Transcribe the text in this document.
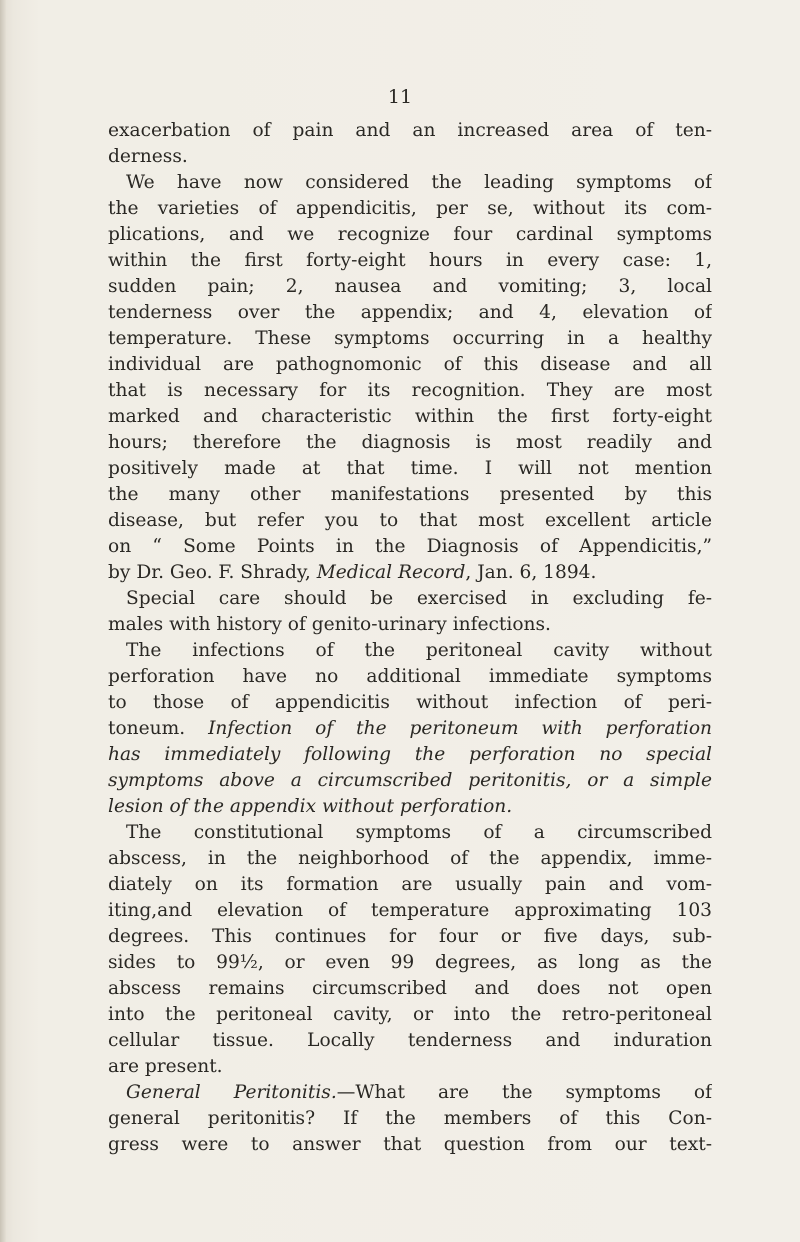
11
exacerbation of pain and an increased area of ten-
derness.
We have now considered the leading symptoms of
the varieties of appendicitis, per se, without its com-
plications, and we recognize four cardinal symptoms
within the first forty-eight hours in every case: 1,
sudden pain; 2, nausea and vomiting; 3, local
tenderness over the appendix; and 4, elevation of
temperature. These symptoms occurring in a healthy
individual are pathognomonic of this disease and all
that is necessary for its recognition. They are most
marked and characteristic within the first forty-eight
hours; therefore the diagnosis is most readily and
positively made at that time. I will not mention
the many other manifestations presented by this
disease, but refer you to that most excellent article
on “ Some Points in the Diagnosis of Appendicitis,”
by Dr. Geo. F. Shrady, Medical Record, Jan. 6, 1894.
Special care should be exercised in excluding fe-
males with history of genito-urinary infections.
The infections of the peritoneal cavity without
perforation have no additional immediate symptoms
to those of appendicitis without infection of peri-
toneum. Infection of the peritoneum with perforation
has immediately following the perforation no special
symptoms above a circumscribed peritonitis, or a simple
lesion of the appendix without perforation.
The constitutional symptoms of a circumscribed
abscess, in the neighborhood of the appendix, imme-
diately on its formation are usually pain and vom-
iting,and elevation of temperature approximating 103
degrees. This continues for four or five days, sub-
sides to 99½, or even 99 degrees, as long as the
abscess remains circumscribed and does not open
into the peritoneal cavity, or into the retro-peritoneal
cellular tissue. Locally tenderness and induration
are present.
General Peritonitis.—What are the symptoms of
general peritonitis? If the members of this Con-
gress were to answer that question from our text-
